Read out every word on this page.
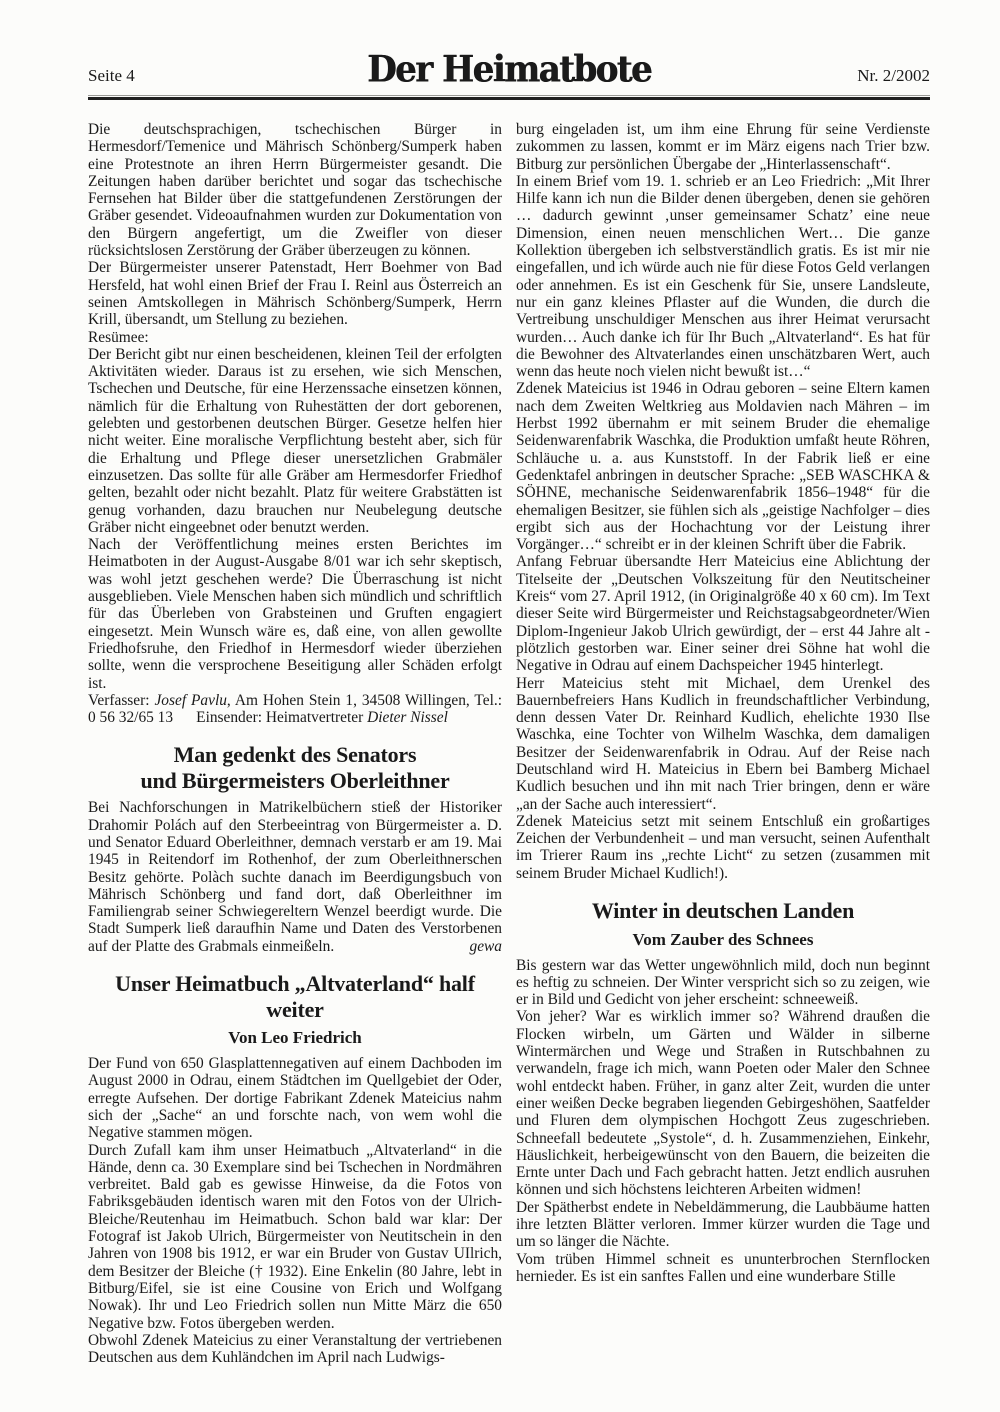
Seite 4	Der Heimatbote	Nr. 2/2002

Die deutschsprachigen, tschechischen Bürger in Hermesdorf/Temenice und Mährisch Schönberg/Sumperk haben eine Protestnote an ihren Herrn Bürgermeister gesandt. Die Zeitungen haben darüber berichtet und sogar das tschechische Fernsehen hat Bilder über die stattgefundenen Zerstörungen der Gräber gesendet. Videoaufnahmen wurden zur Dokumentation von den Bürgern angefertigt, um die Zweifler von dieser rücksichtslosen Zerstörung der Gräber überzeugen zu können.

Der Bürgermeister unserer Patenstadt, Herr Boehmer von Bad Hersfeld, hat wohl einen Brief der Frau I. Reinl aus Österreich an seinen Amtskollegen in Mährisch Schönberg/Sumperk, Herrn Krill, übersandt, um Stellung zu beziehen.

Resümee:

Der Bericht gibt nur einen bescheidenen, kleinen Teil der erfolgten Aktivitäten wieder. Daraus ist zu ersehen, wie sich Menschen, Tschechen und Deutsche, für eine Herzenssache einsetzen können, nämlich für die Erhaltung von Ruhestätten der dort geborenen, gelebten und gestorbenen deutschen Bürger. Gesetze helfen hier nicht weiter. Eine moralische Verpflichtung besteht aber, sich für die Erhaltung und Pflege dieser unersetzlichen Grabmäler einzusetzen. Das sollte für alle Gräber am Hermesdorfer Friedhof gelten, bezahlt oder nicht bezahlt. Platz für weitere Grabstätten ist genug vorhanden, dazu brauchen nur Neubelegung deutsche Gräber nicht eingeebnet oder benutzt werden.

Nach der Veröffentlichung meines ersten Berichtes im Heimatboten in der August-Ausgabe 8/01 war ich sehr skeptisch, was wohl jetzt geschehen werde? Die Überraschung ist nicht ausgeblieben. Viele Menschen haben sich mündlich und schriftlich für das Überleben von Grabsteinen und Gruften engagiert eingesetzt. Mein Wunsch wäre es, daß eine, von allen gewollte Friedhofsruhe, den Friedhof in Hermesdorf wieder überziehen sollte, wenn die versprochene Beseitigung aller Schäden erfolgt ist.

Verfasser: Josef Pavlu, Am Hohen Stein 1, 34508 Willingen, Tel.: 0 56 32/65 13      Einsender: Heimatvertreter Dieter Nissel

Man gedenkt des Senators
und Bürgermeisters Oberleithner

Bei Nachforschungen in Matrikelbüchern stieß der Historiker Drahomir Polách auf den Sterbeeintrag von Bürgermeister a. D. und Senator Eduard Oberleithner, demnach verstarb er am 19. Mai 1945 in Reitendorf im Rothenhof, der zum Oberleithnerschen Besitz gehörte. Polàch suchte danach im Beerdigungsbuch von Mährisch Schönberg und fand dort, daß Oberleithner im Familiengrab seiner Schwiegereltern Wenzel beerdigt wurde. Die Stadt Sumperk ließ daraufhin Name und Daten des Verstorbenen auf der Platte des Grabmals einmeißeln.	gewa

Unser Heimatbuch „Altvaterland“ half weiter
Von Leo Friedrich

Der Fund von 650 Glasplattennegativen auf einem Dachboden im August 2000 in Odrau, einem Städtchen im Quellgebiet der Oder, erregte Aufsehen. Der dortige Fabrikant Zdenek Mateicius nahm sich der „Sache“ an und forschte nach, von wem wohl die Negative stammen mögen.

Durch Zufall kam ihm unser Heimatbuch „Altvaterland“ in die Hände, denn ca. 30 Exemplare sind bei Tschechen in Nordmähren verbreitet. Bald gab es gewisse Hinweise, da die Fotos von Fabriksgebäuden identisch waren mit den Fotos von der Ulrich-Bleiche/Reutenhau im Heimatbuch. Schon bald war klar: Der Fotograf ist Jakob Ulrich, Bürgermeister von Neutitschein in den Jahren von 1908 bis 1912, er war ein Bruder von Gustav UIlrich, dem Besitzer der Bleiche († 1932). Eine Enkelin (80 Jahre, lebt in Bitburg/Eifel, sie ist eine Cousine von Erich und Wolfgang Nowak). Ihr und Leo Friedrich sollen nun Mitte März die 650 Negative bzw. Fotos übergeben werden.

Obwohl Zdenek Mateicius zu einer Veranstaltung der vertriebenen Deutschen aus dem Kuhländchen im April nach Ludwigs-

burg eingeladen ist, um ihm eine Ehrung für seine Verdienste zukommen zu lassen, kommt er im März eigens nach Trier bzw. Bitburg zur persönlichen Übergabe der „Hinterlassenschaft“.

In einem Brief vom 19. 1. schrieb er an Leo Friedrich: „Mit Ihrer Hilfe kann ich nun die Bilder denen übergeben, denen sie gehören … dadurch gewinnt ‚unser gemeinsamer Schatz’ eine neue Dimension, einen neuen menschlichen Wert… Die ganze Kollektion übergeben ich selbstverständlich gratis. Es ist mir nie eingefallen, und ich würde auch nie für diese Fotos Geld verlangen oder annehmen. Es ist ein Geschenk für Sie, unsere Landsleute, nur ein ganz kleines Pflaster auf die Wunden, die durch die Vertreibung unschuldiger Menschen aus ihrer Heimat verursacht wurden… Auch danke ich für Ihr Buch „Altvaterland“. Es hat für die Bewohner des Altvaterlandes einen unschätzbaren Wert, auch wenn das heute noch vielen nicht bewußt ist…“

Zdenek Mateicius ist 1946 in Odrau geboren – seine Eltern kamen nach dem Zweiten Weltkrieg aus Moldavien nach Mähren – im Herbst 1992 übernahm er mit seinem Bruder die ehemalige Seidenwarenfabrik Waschka, die Produktion umfaßt heute Röhren, Schläuche u. a. aus Kunststoff. In der Fabrik ließ er eine Gedenktafel anbringen in deutscher Sprache: „SEB WASCHKA & SÖHNE, mechanische Seidenwarenfabrik 1856–1948“ für die ehemaligen Besitzer, sie fühlen sich als „geistige Nachfolger – dies ergibt sich aus der Hochachtung vor der Leistung ihrer Vorgänger…“ schreibt er in der kleinen Schrift über die Fabrik.

Anfang Februar übersandte Herr Mateicius eine Ablichtung der Titelseite der „Deutschen Volkszeitung für den Neutitscheiner Kreis“ vom 27. April 1912, (in Originalgröße 40 x 60 cm). Im Text dieser Seite wird Bürgermeister und Reichstagsabgeordneter/Wien Diplom-Ingenieur Jakob Ulrich gewürdigt, der – erst 44 Jahre alt - plötzlich gestorben war. Einer seiner drei Söhne hat wohl die Negative in Odrau auf einem Dachspeicher 1945 hinterlegt.

Herr Mateicius steht mit Michael, dem Urenkel des Bauernbefreiers Hans Kudlich in freundschaftlicher Verbindung, denn dessen Vater Dr. Reinhard Kudlich, ehelichte 1930 Ilse Waschka, eine Tochter von Wilhelm Waschka, dem damaligen Besitzer der Seidenwarenfabrik in Odrau. Auf der Reise nach Deutschland wird H. Mateicius in Ebern bei Bamberg Michael Kudlich besuchen und ihn mit nach Trier bringen, denn er wäre „an der Sache auch interessiert“.

Zdenek Mateicius setzt mit seinem Entschluß ein großartiges Zeichen der Verbundenheit – und man versucht, seinen Aufenthalt im Trierer Raum ins „rechte Licht“ zu setzen (zusammen mit seinem Bruder Michael Kudlich!).

Winter in deutschen Landen
Vom Zauber des Schnees

Bis gestern war das Wetter ungewöhnlich mild, doch nun beginnt es heftig zu schneien. Der Winter verspricht sich so zu zeigen, wie er in Bild und Gedicht von jeher erscheint: schneeweiß.

Von jeher? War es wirklich immer so? Während draußen die Flocken wirbeln, um Gärten und Wälder in silberne Wintermärchen und Wege und Straßen in Rutschbahnen zu verwandeln, frage ich mich, wann Poeten oder Maler den Schnee wohl entdeckt haben. Früher, in ganz alter Zeit, wurden die unter einer weißen Decke begraben liegenden Gebirgeshöhen, Saatfelder und Fluren dem olympischen Hochgott Zeus zugeschrieben. Schneefall bedeutete „Systole“, d. h. Zusammenziehen, Einkehr, Häuslichkeit, herbeigewünscht von den Bauern, die beizeiten die Ernte unter Dach und Fach gebracht hatten. Jetzt endlich ausruhen können und sich höchstens leichteren Arbeiten widmen!

Der Spätherbst endete in Nebeldämmerung, die Laubbäume hatten ihre letzten Blätter verloren. Immer kürzer wurden die Tage und um so länger die Nächte.

Vom trüben Himmel schneit es ununterbrochen Sternflocken hernieder. Es ist ein sanftes Fallen und eine wunderbare Stille
